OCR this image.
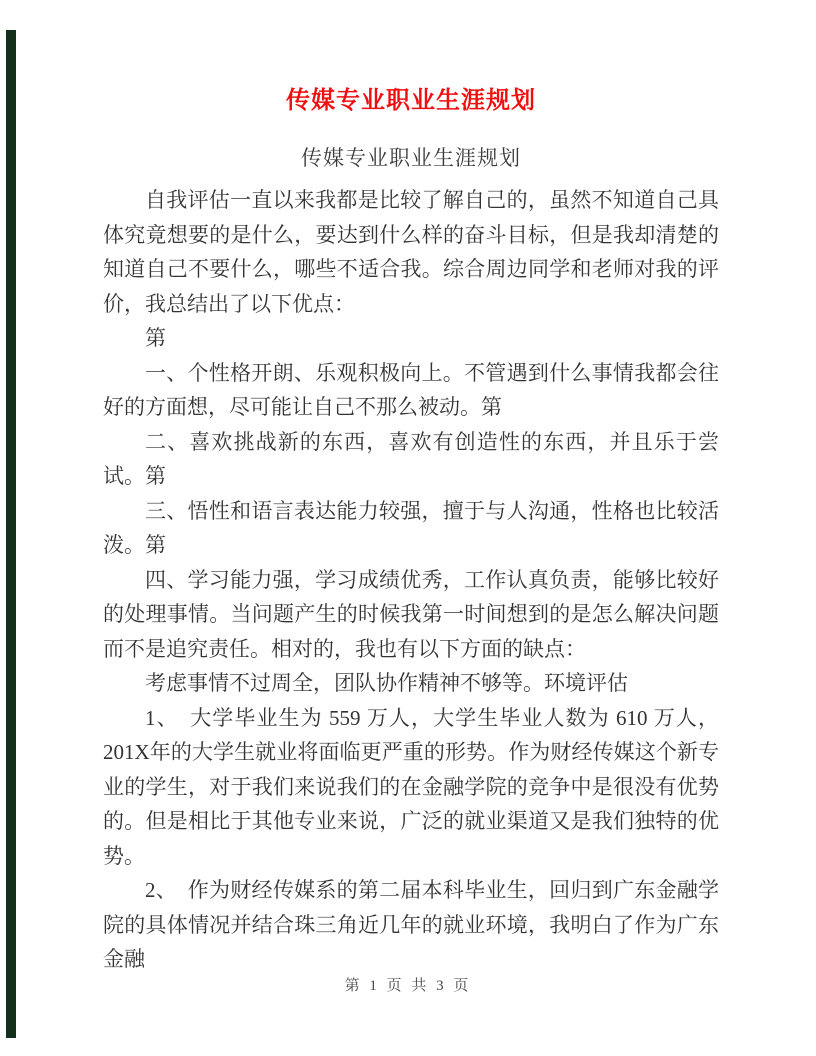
传媒专业职业生涯规划
传媒专业职业生涯规划

自我评估一直以来我都是比较了解自己的，虽然不知道自己具体究竟想要的是什么，要达到什么样的奋斗目标，但是我却清楚的知道自己不要什么，哪些不适合我。综合周边同学和老师对我的评价，我总结出了以下优点：

第

一、个性格开朗、乐观积极向上。不管遇到什么事情我都会往好的方面想，尽可能让自己不那么被动。第

二、喜欢挑战新的东西，喜欢有创造性的东西，并且乐于尝试。第

三、悟性和语言表达能力较强，擅于与人沟通，性格也比较活泼。第

四、学习能力强，学习成绩优秀，工作认真负责，能够比较好的处理事情。当问题产生的时候我第一时间想到的是怎么解决问题而不是追究责任。相对的，我也有以下方面的缺点：

考虑事情不过周全，团队协作精神不够等。环境评估

1、　大学毕业生为 559 万人，大学生毕业人数为 610 万人，201X年的大学生就业将面临更严重的形势。作为财经传媒这个新专业的学生，对于我们来说我们的在金融学院的竞争中是很没有优势的。但是相比于其他专业来说，广泛的就业渠道又是我们独特的优势。

2、　作为财经传媒系的第二届本科毕业生，回归到广东金融学院的具体情况并结合珠三角近几年的就业环境，我明白了作为广东金融

第 1 页 共 3 页
